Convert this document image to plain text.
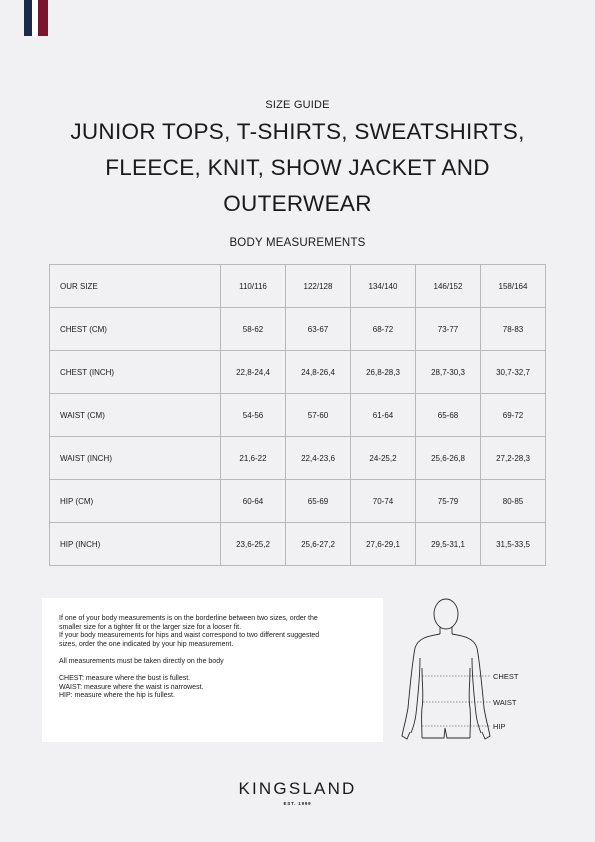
SIZE GUIDE
JUNIOR TOPS, T-SHIRTS, SWEATSHIRTS,
FLEECE, KNIT, SHOW JACKET AND
OUTERWEAR
BODY MEASUREMENTS
OUR SIZE	110/116	122/128	134/140	146/152	158/164
CHEST (CM)	58-62	63-67	68-72	73-77	78-83
CHEST (INCH)	22,8-24,4	24,8-26,4	26,8-28,3	28,7-30,3	30,7-32,7
WAIST (CM)	54-56	57-60	61-64	65-68	69-72
WAIST (INCH)	21,6-22	22,4-23,6	24-25,2	25,6-26,8	27,2-28,3
HIP (CM)	60-64	65-69	70-74	75-79	80-85
HIP (INCH)	23,6-25,2	25,6-27,2	27,6-29,1	29,5-31,1	31,5-33,5

If one of your body measurements is on the borderline between two sizes, order the

smaller size for a tighter fit or the larger size for a looser fit.

If your body measurements for hips and waist correspond to two different suggested

sizes, order the one indicated by your hip measurement.

All measurements must be taken directly on the body

CHEST: measure where the bust is fullest.

WAIST: measure where the waist is narrowest.

HIP: measure where the hip is fullest.

CHEST
WAIST
HIP
KINGSLAND
EST. 1999
